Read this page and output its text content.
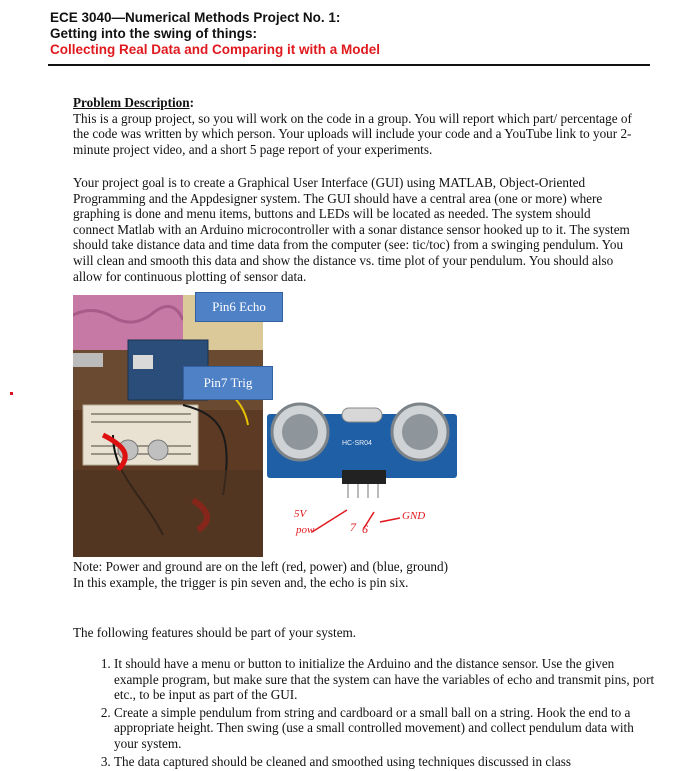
ECE 3040—Numerical Methods Project No. 1:
Getting into the swing of things:
Collecting Real Data and Comparing it with a Model
Problem Description:
This is a group project, so you will work on the code in a group. You will report which part/ percentage of the code was written by which person. Your uploads will include your code and a YouTube link to your 2-minute project video, and a short 5 page report of your experiments.
Your project goal is to create a Graphical User Interface (GUI) using MATLAB, Object-Oriented Programming and the Appdesigner system. The GUI should have a central area (one or more) where graphing is done and menu items, buttons and LEDs will be located as needed. The system should connect Matlab with an Arduino microcontroller with a sonar distance sensor hooked up to it. The system should take distance data and time data from the computer (see: tic/toc) from a swinging pendulum. You will clean and smooth this data and show the distance vs. time plot of your pendulum. You should also allow for continuous plotting of sensor data.
HC-SR04
Pin6 Echo
Pin7 Trig
5V
pow	7 6
GND
Note: Power and ground are on the left (red, power) and (blue, ground)
In this example, the trigger is pin seven and, the echo is pin six.
The following features should be part of your system.
1. It should have a menu or button to initialize the Arduino and the distance sensor. Use the given example program, but make sure that the system can have the variables of echo and transmit pins, port etc., to be input as part of the GUI.
2. Create a simple pendulum from string and cardboard or a small ball on a string. Hook the end to a appropriate height. Then swing (use a small controlled movement) and collect pendulum data with your system.
3. The data captured should be cleaned and smoothed using techniques discussed in class
